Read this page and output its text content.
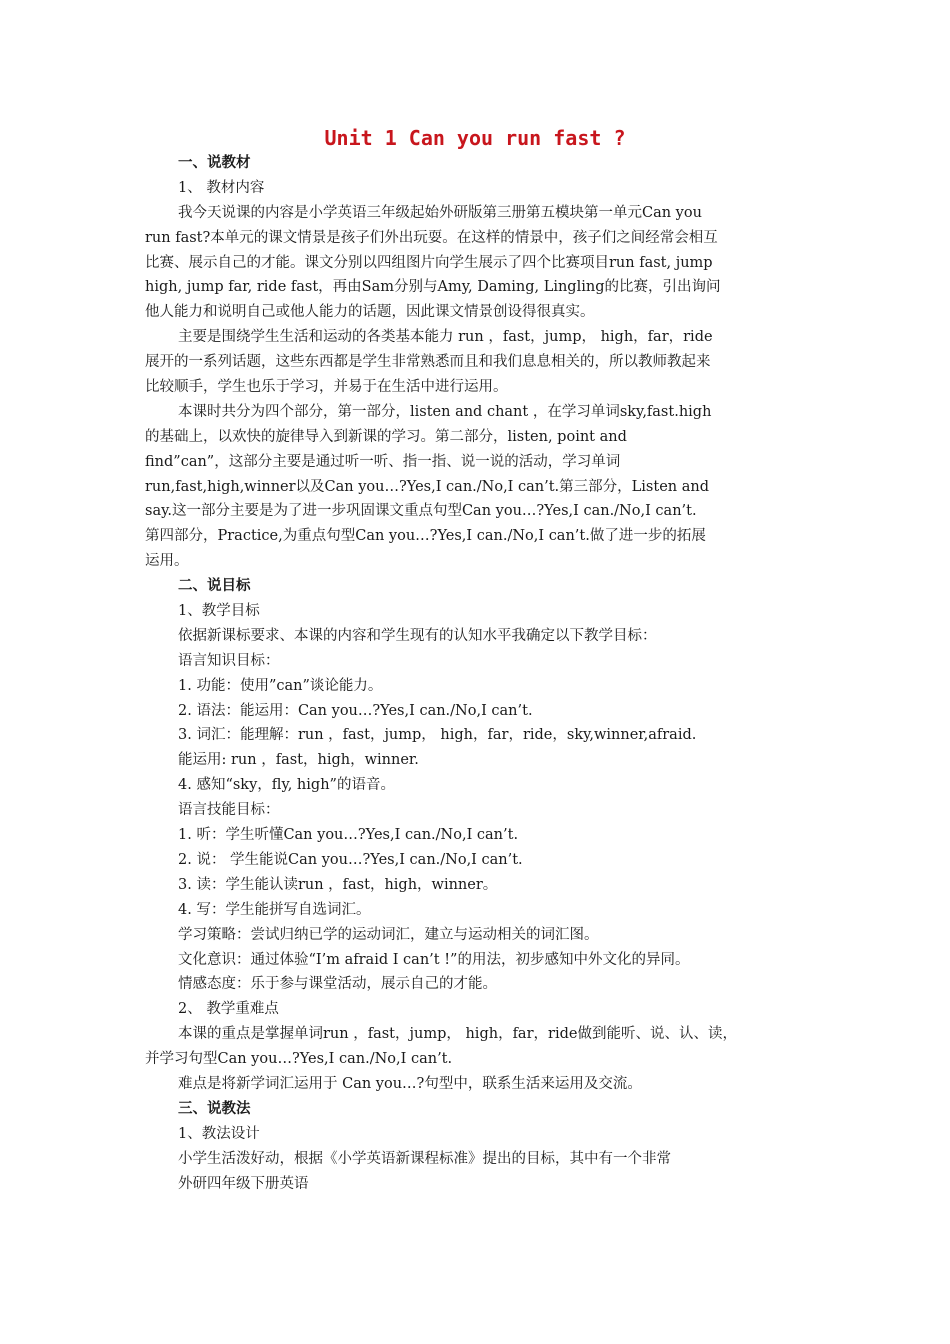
Unit 1 Can you run fast ?
一、说教材
1、 教材内容
我今天说课的内容是小学英语三年级起始外研版第三册第五模块第一单元Can you
run fast?本单元的课文情景是孩子们外出玩耍。在这样的情景中，孩子们之间经常会相互
比赛、展示自己的才能。课文分别以四组图片向学生展示了四个比赛项目run fast, jump
high, jump far, ride fast，再由Sam分别与Amy, Daming, Lingling的比赛，引出询问
他人能力和说明自己或他人能力的话题，因此课文情景创设得很真实。
主要是围绕学生生活和运动的各类基本能力 run ，fast，jump， high，far，ride
展开的一系列话题，这些东西都是学生非常熟悉而且和我们息息相关的，所以教师教起来
比较顺手，学生也乐于学习，并易于在生活中进行运用。
本课时共分为四个部分，第一部分，listen and chant ，在学习单词sky,fast.high
的基础上，以欢快的旋律导入到新课的学习。第二部分，listen, point and
find”can”，这部分主要是通过听一听、指一指、说一说的活动，学习单词
run,fast,high,winner以及Can you…?Yes,I can./No,I can’t.第三部分，Listen and
say.这一部分主要是为了进一步巩固课文重点句型Can you…?Yes,I can./No,I can’t.
第四部分，Practice,为重点句型Can you…?Yes,I can./No,I can’t.做了进一步的拓展
运用。
二、说目标
1、教学目标
依据新课标要求、本课的内容和学生现有的认知水平我确定以下教学目标：
语言知识目标：
1. 功能：使用”can”谈论能力。
2. 语法：能运用：Can you…?Yes,I can./No,I can’t.
3. 词汇：能理解：run ，fast，jump， high，far，ride，sky,winner,afraid.
能运用: run ，fast，high，winner.
4. 感知“sky，fly, high”的语音。
语言技能目标：
1. 听：学生听懂Can you…?Yes,I can./No,I can’t.
2. 说： 学生能说Can you…?Yes,I can./No,I can’t.
3. 读：学生能认读run ，fast，high，winner。
4. 写：学生能拼写自选词汇。
学习策略：尝试归纳已学的运动词汇，建立与运动相关的词汇图。
文化意识：通过体验“I’m afraid I can’t !”的用法，初步感知中外文化的异同。
情感态度：乐于参与课堂活动，展示自己的才能。
2、 教学重难点
本课的重点是掌握单词run ，fast，jump， high，far，ride做到能听、说、认、读，
并学习句型Can you…?Yes,I can./No,I can’t.
难点是将新学词汇运用于 Can you…?句型中，联系生活来运用及交流。
三、说教法
1、教法设计
小学生活泼好动，根据《小学英语新课程标准》提出的目标，其中有一个非常
外研四年级下册英语
